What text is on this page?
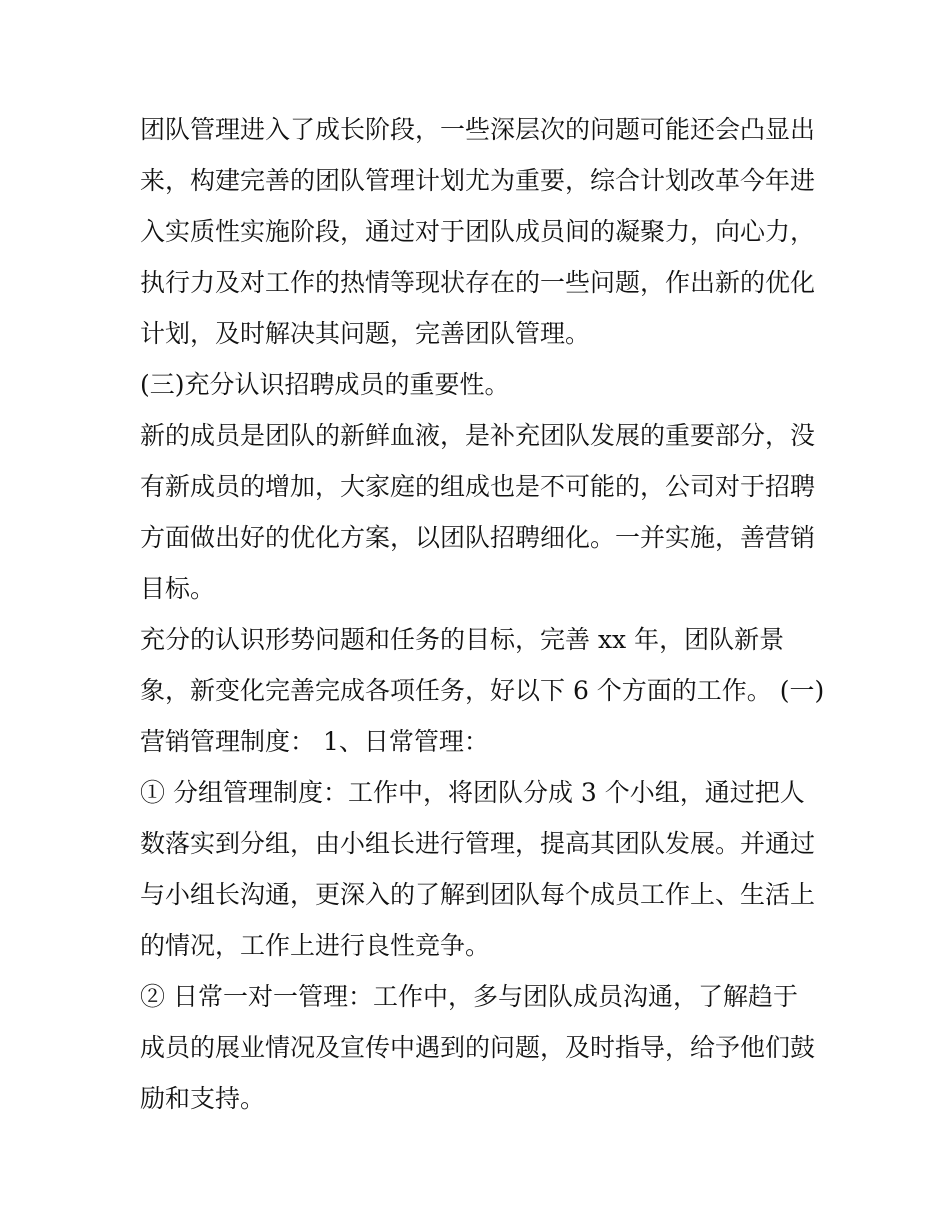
团队管理进入了成长阶段，一些深层次的问题可能还会凸显出
来，构建完善的团队管理计划尤为重要，综合计划改革今年进
入实质性实施阶段，通过对于团队成员间的凝聚力，向心力，
执行力及对工作的热情等现状存在的一些问题，作出新的优化
计划，及时解决其问题，完善团队管理。
(三)充分认识招聘成员的重要性。
新的成员是团队的新鲜血液，是补充团队发展的重要部分，没
有新成员的增加，大家庭的组成也是不可能的，公司对于招聘
方面做出好的优化方案，以团队招聘细化。一并实施，善营销
目标。
充分的认识形势问题和任务的目标，完善 xx 年，团队新景
象，新变化完善完成各项任务，好以下 6 个方面的工作。 (一)
营销管理制度： 1、日常管理：
① 分组管理制度：工作中，将团队分成 3 个小组，通过把人
数落实到分组，由小组长进行管理，提高其团队发展。并通过
与小组长沟通，更深入的了解到团队每个成员工作上、生活上
的情况，工作上进行良性竞争。
② 日常一对一管理：工作中，多与团队成员沟通，了解趋于
成员的展业情况及宣传中遇到的问题，及时指导，给予他们鼓
励和支持。
